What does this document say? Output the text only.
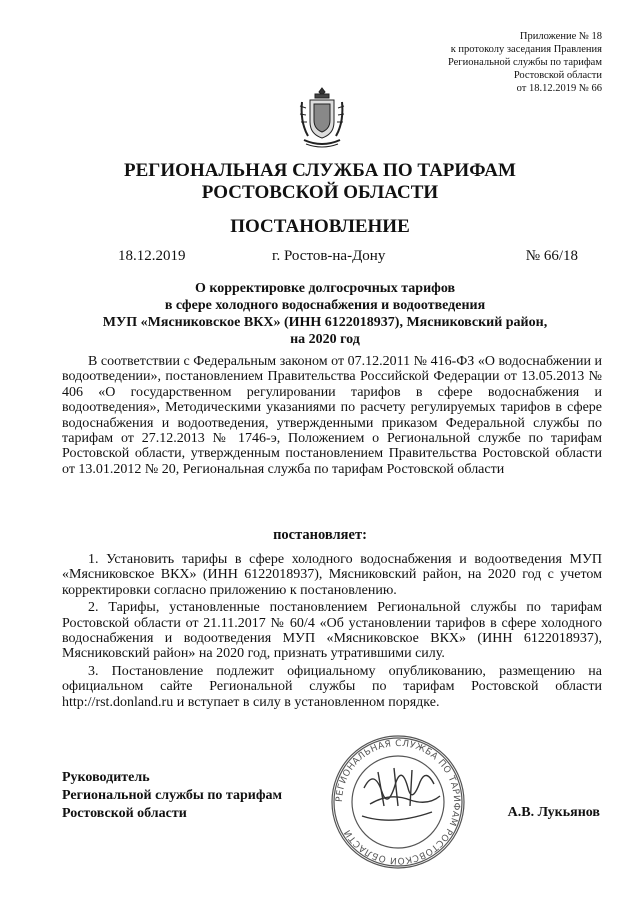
Приложение № 18
к протоколу заседания Правления
Региональной службы по тарифам
Ростовской области
от 18.12.2019 № 66
РЕГИОНАЛЬНАЯ СЛУЖБА ПО ТАРИФАМ
РОСТОВСКОЙ ОБЛАСТИ
ПОСТАНОВЛЕНИЕ
18.12.2019	г. Ростов-на-Дону	№ 66/18
О корректировке долгосрочных тарифов
в сфере холодного водоснабжения и водоотведения
МУП «Мясниковское ВКХ» (ИНН 6122018937), Мясниковский район,
на 2020 год
В соответствии с Федеральным законом от 07.12.2011 № 416-ФЗ «О водоснабжении и водоотведении», постановлением Правительства Российской Федерации от 13.05.2013 № 406 «О государственном регулировании тарифов в сфере водоснабжения и водоотведения», Методическими указаниями по расчету регулируемых тарифов в сфере водоснабжения и водоотведения, утвержденными приказом Федеральной службы по тарифам от 27.12.2013 № 1746-э, Положением о Региональной службе по тарифам Ростовской области, утвержденным постановлением Правительства Ростовской области от 13.01.2012 № 20, Региональная служба по тарифам Ростовской области
постановляет:

1. Установить тарифы в сфере холодного водоснабжения и водоотведения МУП «Мясниковское ВКХ» (ИНН 6122018937), Мясниковский район, на 2020 год с учетом корректировки согласно приложению к постановлению.

2. Тарифы, установленные постановлением Региональной службы по тарифам Ростовской области от 21.11.2017 № 60/4 «Об установлении тарифов в сфере холодного водоснабжения и водоотведения МУП «Мясниковское ВКХ» (ИНН 6122018937), Мясниковский район» на 2020 год, признать утратившими силу.

3. Постановление подлежит официальному опубликованию, размещению на официальном сайте Региональной службы по тарифам Ростовской области http://rst.donland.ru и вступает в силу в установленном порядке.

Руководитель
Региональной службы по тарифам
Ростовской области
РЕГИОНАЛЬНАЯ СЛУЖБА ПО ТАРИФАМ РОСТОВСКОЙ ОБЛАСТИ
А.В. Лукьянов
